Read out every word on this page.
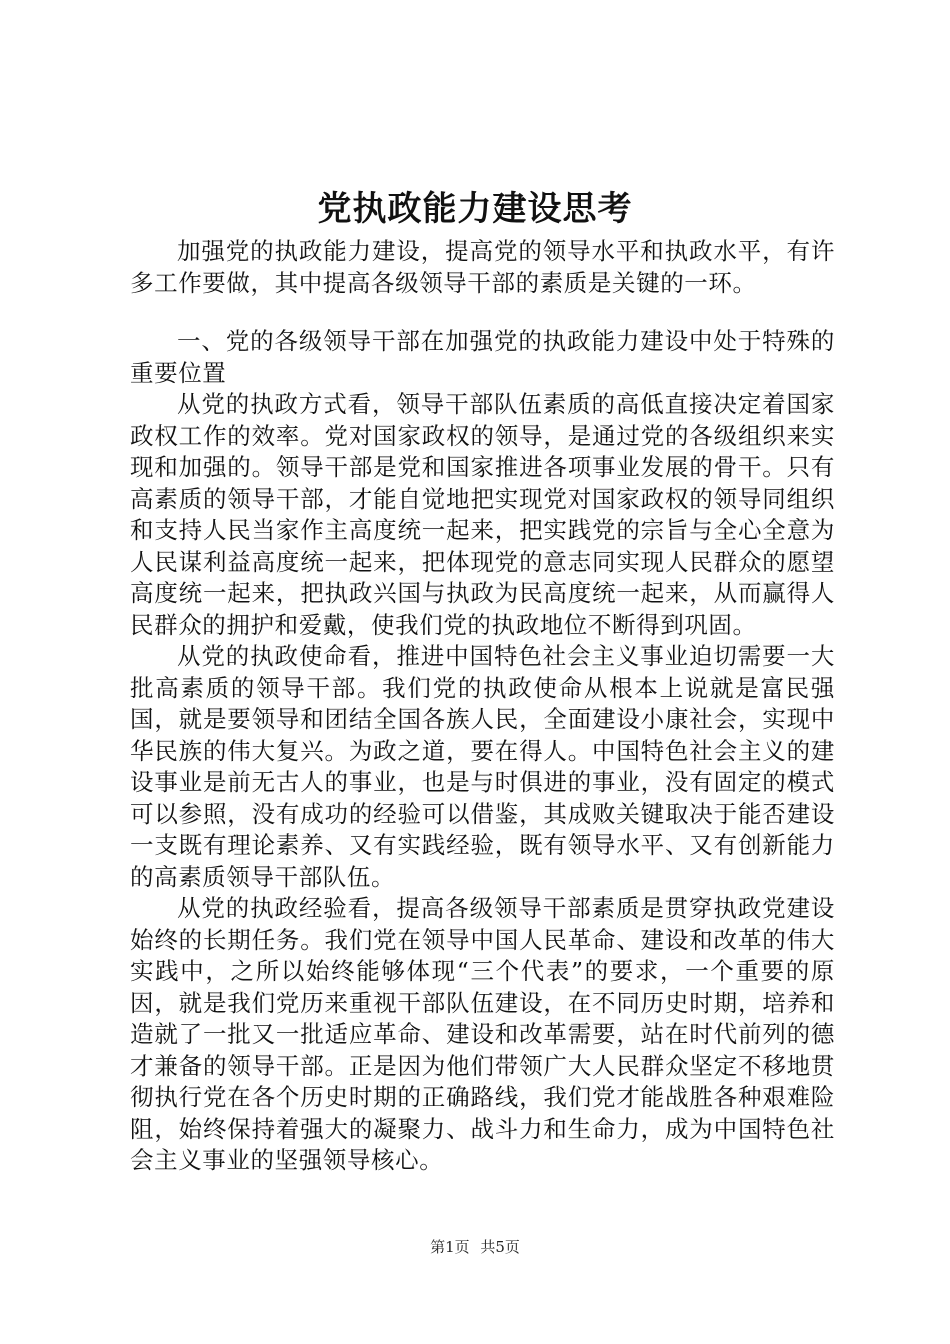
党执政能力建设思考

加强党的执政能力建设，提高党的领导水平和执政水平，有许多工作要做，其中提高各级领导干部的素质是关键的一环。

一、党的各级领导干部在加强党的执政能力建设中处于特殊的重要位置

从党的执政方式看，领导干部队伍素质的高低直接决定着国家政权工作的效率。党对国家政权的领导，是通过党的各级组织来实现和加强的。领导干部是党和国家推进各项事业发展的骨干。只有高素质的领导干部，才能自觉地把实现党对国家政权的领导同组织和支持人民当家作主高度统一起来，把实践党的宗旨与全心全意为人民谋利益高度统一起来，把体现党的意志同实现人民群众的愿望高度统一起来，把执政兴国与执政为民高度统一起来，从而赢得人民群众的拥护和爱戴，使我们党的执政地位不断得到巩固。

从党的执政使命看，推进中国特色社会主义事业迫切需要一大批高素质的领导干部。我们党的执政使命从根本上说就是富民强国，就是要领导和团结全国各族人民，全面建设小康社会，实现中华民族的伟大复兴。为政之道，要在得人。中国特色社会主义的建设事业是前无古人的事业，也是与时俱进的事业，没有固定的模式可以参照，没有成功的经验可以借鉴，其成败关键取决于能否建设一支既有理论素养、又有实践经验，既有领导水平、又有创新能力的高素质领导干部队伍。

从党的执政经验看，提高各级领导干部素质是贯穿执政党建设始终的长期任务。我们党在领导中国人民革命、建设和改革的伟大实践中，之所以始终能够体现“三个代表”的要求，一个重要的原因，就是我们党历来重视干部队伍建设，在不同历史时期，培养和造就了一批又一批适应革命、建设和改革需要，站在时代前列的德才兼备的领导干部。正是因为他们带领广大人民群众坚定不移地贯彻执行党在各个历史时期的正确路线，我们党才能战胜各种艰难险阻，始终保持着强大的凝聚力、战斗力和生命力，成为中国特色社会主义事业的坚强领导核心。

第1页 共5页
